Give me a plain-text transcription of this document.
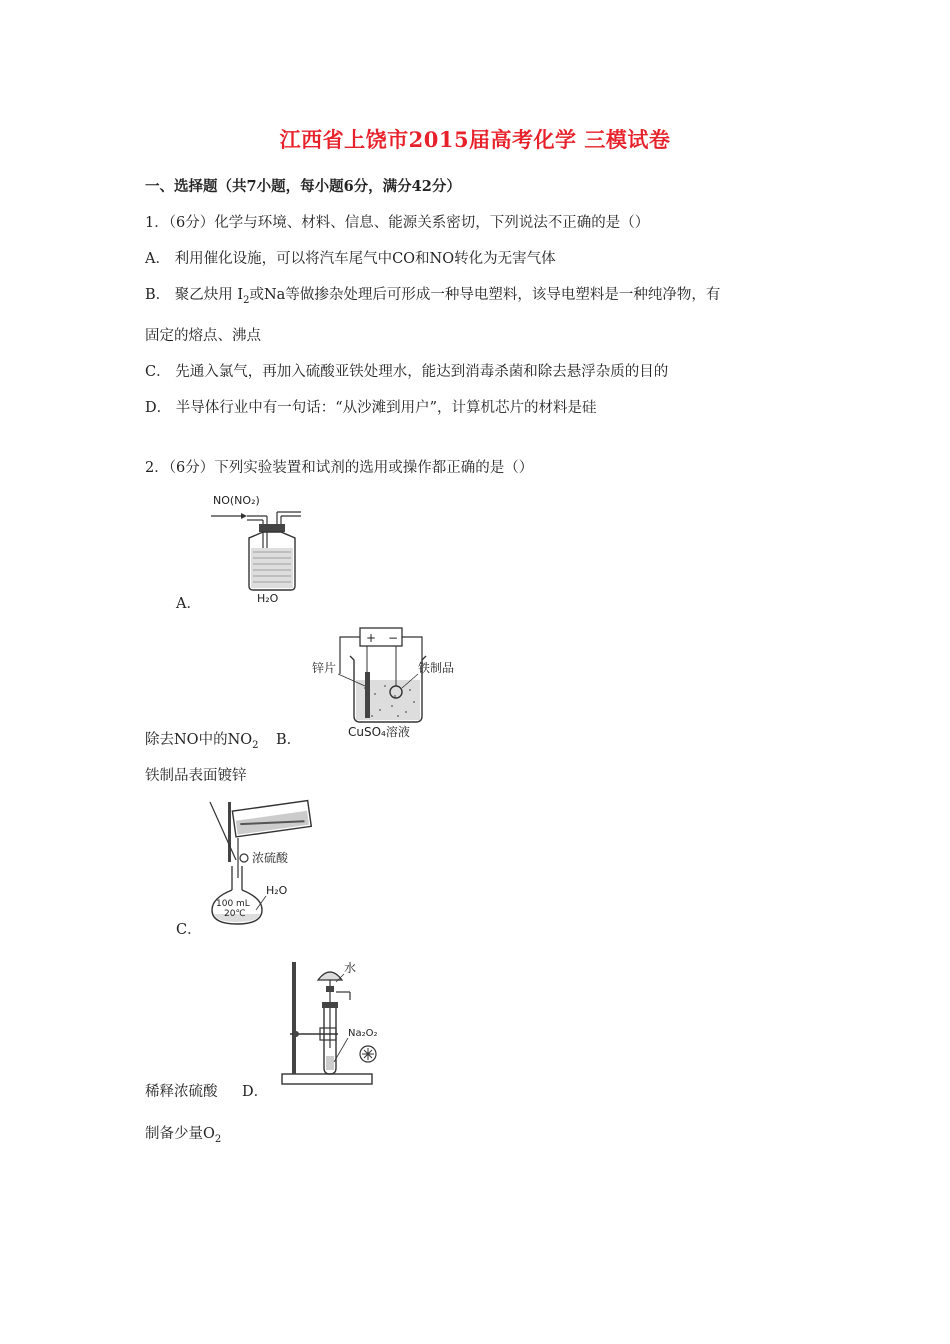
江西省上饶市2015届高考化学 三模试卷
一、选择题（共7小题，每小题6分，满分42分）
1．（6分）化学与环境、材料、信息、能源关系密切，下列说法不正确的是（）
A． 利用催化设施，可以将汽车尾气中CO和NO转化为无害气体
B． 聚乙炔用 $I_2$或Na等做掺杂处理后可形成一种导电塑料，该导电塑料是一种纯净物，有
固定的熔点、沸点
C． 先通入氯气，再加入硫酸亚铁处理水，能达到消毒杀菌和除去悬浮杂质的目的
D． 半导体行业中有一句话：“从沙滩到用户”，计算机芯片的材料是硅
2．（6分）下列实验装置和试剂的选用或操作都正确的是（）
NO(NO₂)
H₂O
A．
+ −
锌片	铁制品
CuSO₄溶液
除去NO中的$NO_2$ B．
铁制品表面镀锌
浓硫酸
100 mL
20℃
H₂O
C．
水
Na₂O₂
稀释浓硫酸 D．
制备少量$O_2$
